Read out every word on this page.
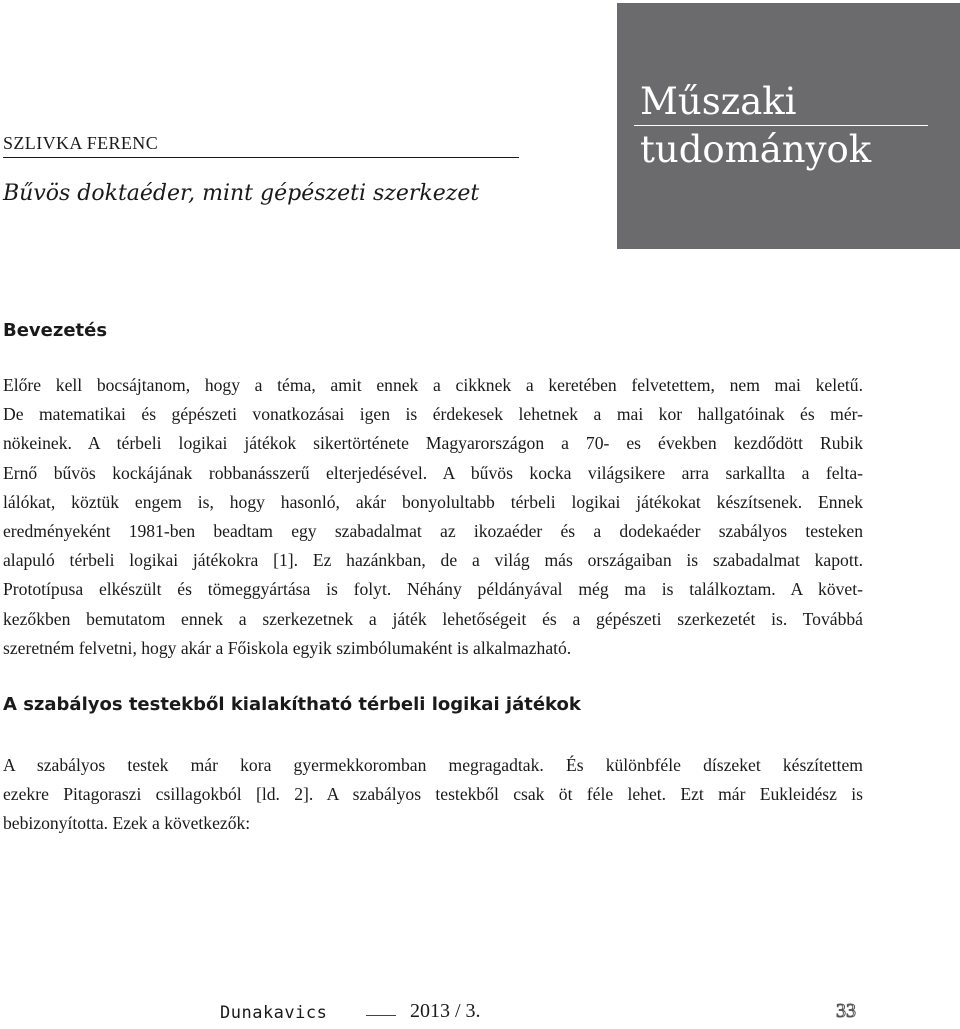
Műszaki
tudományok

SZLIVKA FERENC

Bűvös doktaéder, mint gépészeti szerkezet
Bevezetés
Előre kell bocsájtanom, hogy a téma, amit ennek a cikknek a keretében felvetettem, nem mai keletű.
De matematikai és gépészeti vonatkozásai igen is érdekesek lehetnek a mai kor hallgatóinak és mér-
nökeinek. A térbeli logikai játékok sikertörténete Magyarországon a 70- es években kezdődött Rubik
Ernő bűvös kockájának robbanásszerű elterjedésével. A bűvös kocka világsikere arra sarkallta a felta-
lálókat, köztük engem is, hogy hasonló, akár bonyolultabb térbeli logikai játékokat készítsenek. Ennek
eredményeként 1981-ben beadtam egy szabadalmat az ikozaéder és a dodekaéder szabályos testeken
alapuló térbeli logikai játékokra [1]. Ez hazánkban, de a világ más országaiban is szabadalmat kapott.
Prototípusa elkészült és tömeggyártása is folyt. Néhány példányával még ma is találkoztam. A követ-
kezőkben bemutatom ennek a szerkezetnek a játék lehetőségeit és a gépészeti szerkezetét is. Továbbá
szeretném felvetni, hogy akár a Főiskola egyik szimbólumaként is alkalmazható.
A szabályos testekből kialakítható térbeli logikai játékok
A szabályos testek már kora gyermekkoromban megragadtak. És különbféle díszeket készítettem
ezekre Pitagoraszi csillagokból [ld. 2]. A szabályos testekből csak öt féle lehet. Ezt már Eukleidész is
bebizonyította. Ezek a következők:

Dunakavics	2013 / 3.	33
